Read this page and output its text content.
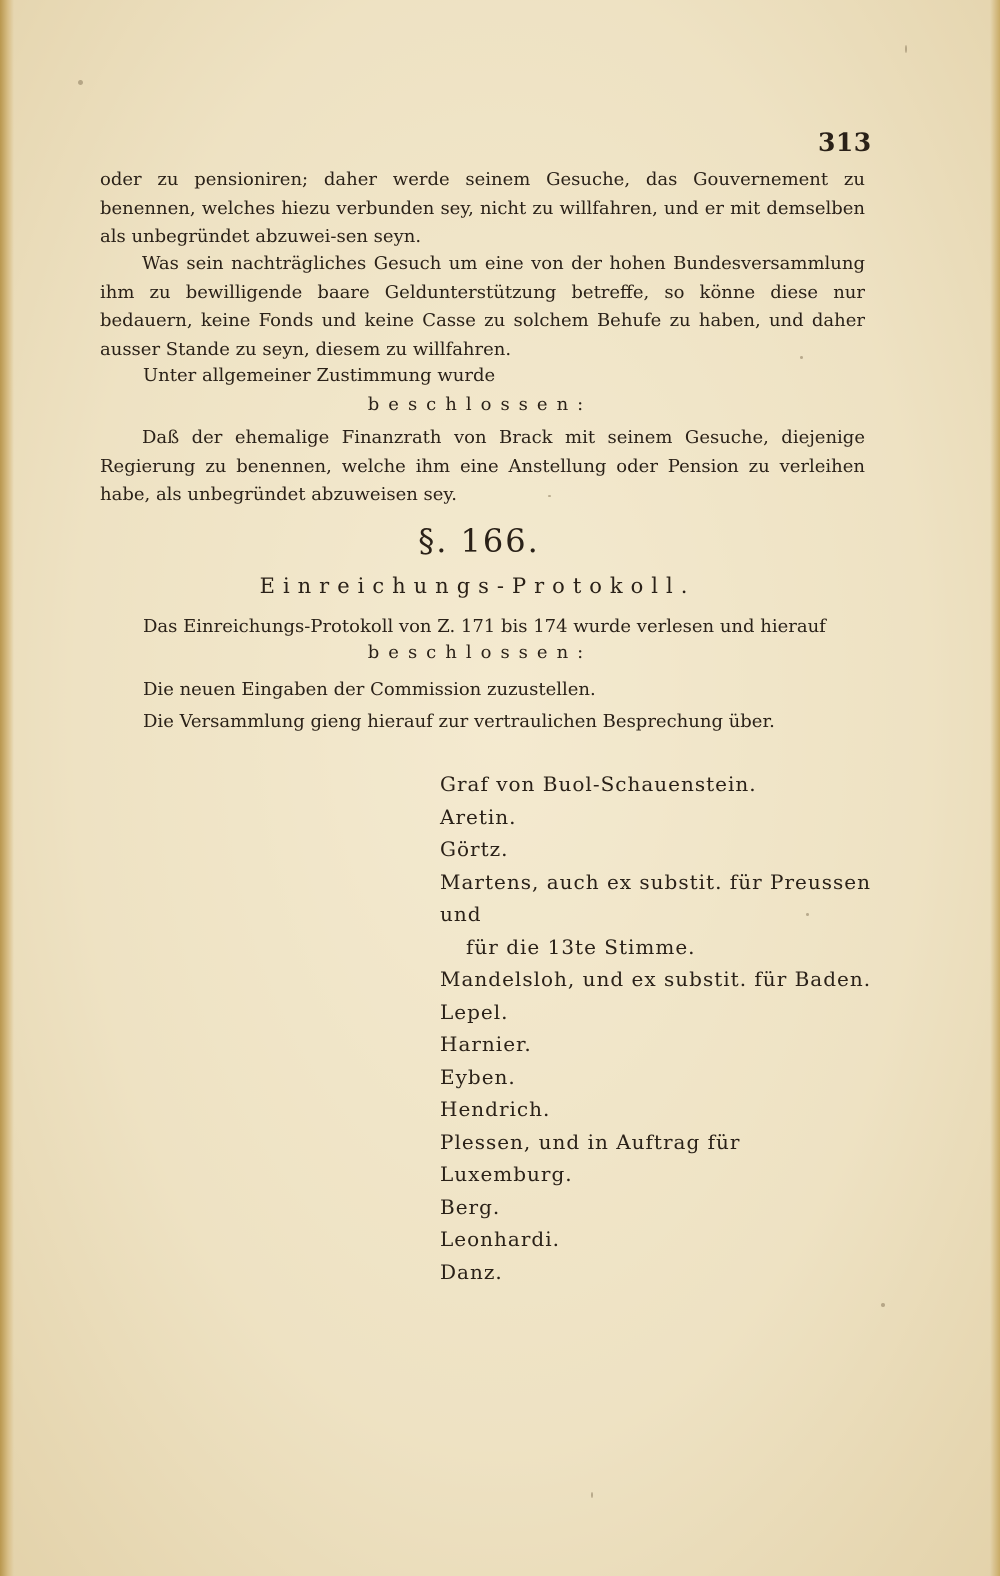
313

oder zu pensioniren; daher werde seinem Gesuche, das Gouvernement zu benennen, welches hiezu verbunden sey, nicht zu willfahren, und er mit demselben als unbegründet abzuwei-sen seyn.

Was sein nachträgliches Gesuch um eine von der hohen Bundesversammlung ihm zu bewilligende baare Geldunterstützung betreffe, so könne diese nur bedauern, keine Fonds und keine Casse zu solchem Behufe zu haben, und daher ausser Stande zu seyn, diesem zu willfahren.

Unter allgemeiner Zustimmung wurde

beschlossen:

Daß der ehemalige Finanzrath von Brack mit seinem Gesuche, diejenige Regierung zu benennen, welche ihm eine Anstellung oder Pension zu verleihen habe, als unbegründet abzuweisen sey.

§. 166.
Einreichungs-Protokoll.

Das Einreichungs-Protokoll von Z. 171 bis 174 wurde verlesen und hierauf

beschlossen:

Die neuen Eingaben der Commission zuzustellen.

Die Versammlung gieng hierauf zur vertraulichen Besprechung über.

Graf von Buol-Schauenstein.
Aretin.
Görtz.
Martens, auch ex substit. für Preussen und
für die 13te Stimme.
Mandelsloh, und ex substit. für Baden.
Lepel.
Harnier.
Eyben.
Hendrich.
Plessen, und in Auftrag für Luxemburg.
Berg.
Leonhardi.
Danz.
